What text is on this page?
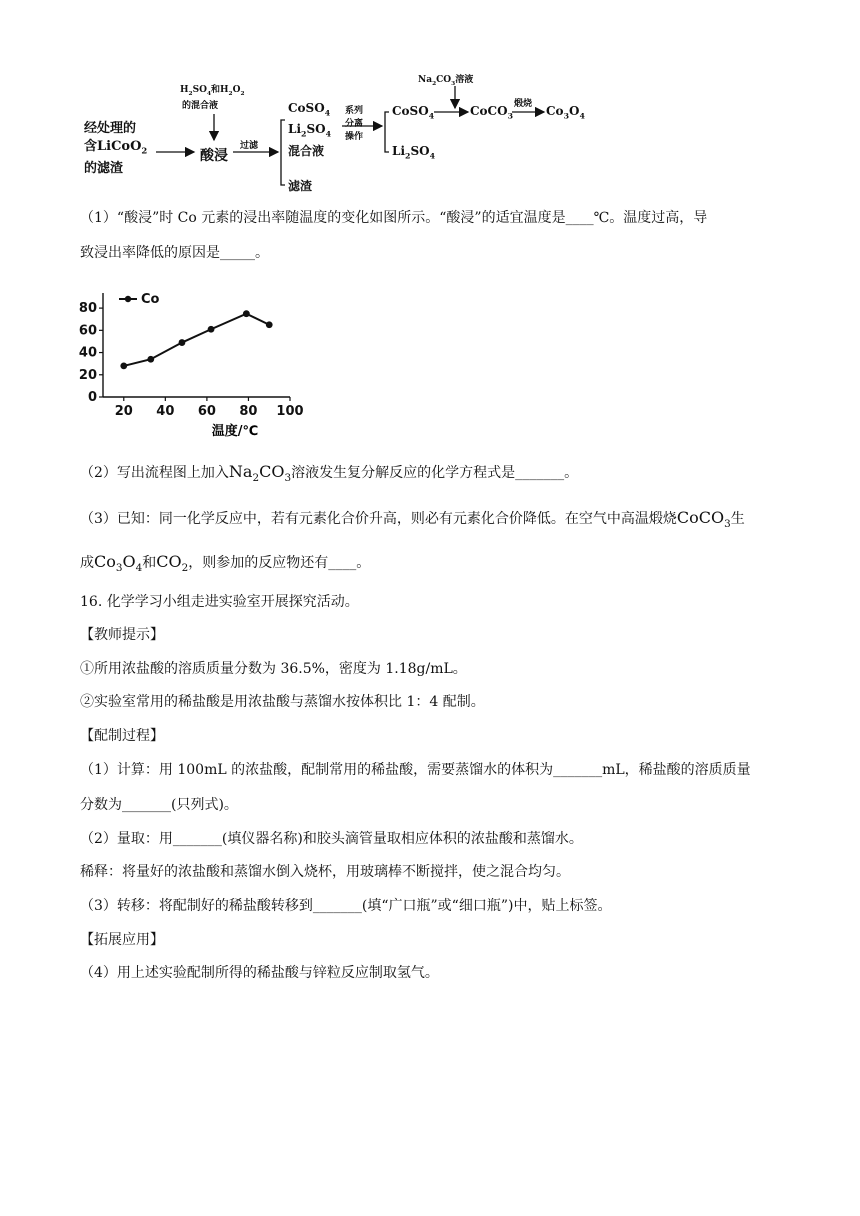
经处理的
含LiCoO$_2$
的滤渣
$H_2SO_4$和$H_2O_2$
的混合液
酸浸
过滤
CoSO$_4$
$Li_2SO_4$
混合液
滤渣
系列
分离
操作
CoSO$_4$
$Li_2SO_4$
$Na_2CO_3$溶液
CoCO$_3$
煅烧 $Co_3O_4$
（1）“酸浸”时 Co 元素的浸出率随温度的变化如图所示。“酸浸”的适宜温度是____℃。温度过高，导
致浸出率降低的原因是_____。
0
20
40
60
80
20 40 60 80 100
Co
温度/℃
（2）写出流程图上加入$Na_2CO_3$溶液发生复分解反应的化学方程式是_______。
（3）已知：同一化学反应中，若有元素化合价升高，则必有元素化合价降低。在空气中高温煅烧CoCO$_3$生
成$Co_3O_4$和$CO_2$，则参加的反应物还有____。
16. 化学学习小组走进实验室开展探究活动。
【教师提示】
①所用浓盐酸的溶质质量分数为 36.5%，密度为 1.18g/mL。
②实验室常用的稀盐酸是用浓盐酸与蒸馏水按体积比 1：4 配制。
【配制过程】
（1）计算：用 100mL 的浓盐酸，配制常用的稀盐酸，需要蒸馏水的体积为_______mL，稀盐酸的溶质质量
分数为_______(只列式)。
（2）量取：用_______(填仪器名称)和胶头滴管量取相应体积的浓盐酸和蒸馏水。
稀释：将量好的浓盐酸和蒸馏水倒入烧杯，用玻璃棒不断搅拌，使之混合均匀。
（3）转移：将配制好的稀盐酸转移到_______(填“广口瓶”或“细口瓶”)中，贴上标签。
【拓展应用】
（4）用上述实验配制所得的稀盐酸与锌粒反应制取氢气。
